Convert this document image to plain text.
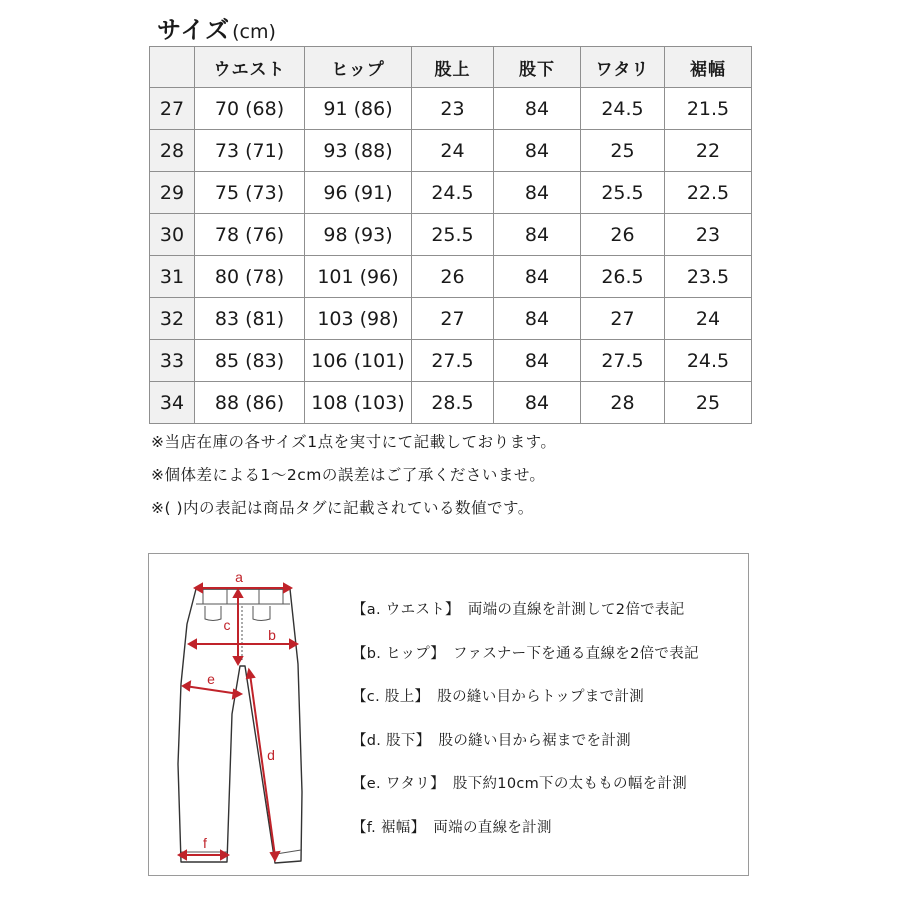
サイズ (cm)
	ウエスト	ヒップ	股上	股下	ワタリ	裾幅
27	70 (68)	91 (86)	23	84	24.5	21.5
28	73 (71)	93 (88)	24	84	25	22
29	75 (73)	96 (91)	24.5	84	25.5	22.5
30	78 (76)	98 (93)	25.5	84	26	23
31	80 (78)	101 (96)	26	84	26.5	23.5
32	83 (81)	103 (98)	27	84	27	24
33	85 (83)	106 (101)	27.5	84	27.5	24.5
34	88 (86)	108 (103)	28.5	84	28	25
※当店在庫の各サイズ1点を実寸にて記載しております。
※個体差による1～2cmの誤差はご了承くださいませ。
※( )内の表記は商品タグに記載されている数値です。
a
b
c
d
e
f
【a. ウエスト】 両端の直線を計測して2倍で表記
【b. ヒップ】 ファスナー下を通る直線を2倍で表記
【c. 股上】 股の縫い目からトップまで計測
【d. 股下】 股の縫い目から裾までを計測
【e. ワタリ】 股下約10cm下の太ももの幅を計測
【f. 裾幅】 両端の直線を計測
